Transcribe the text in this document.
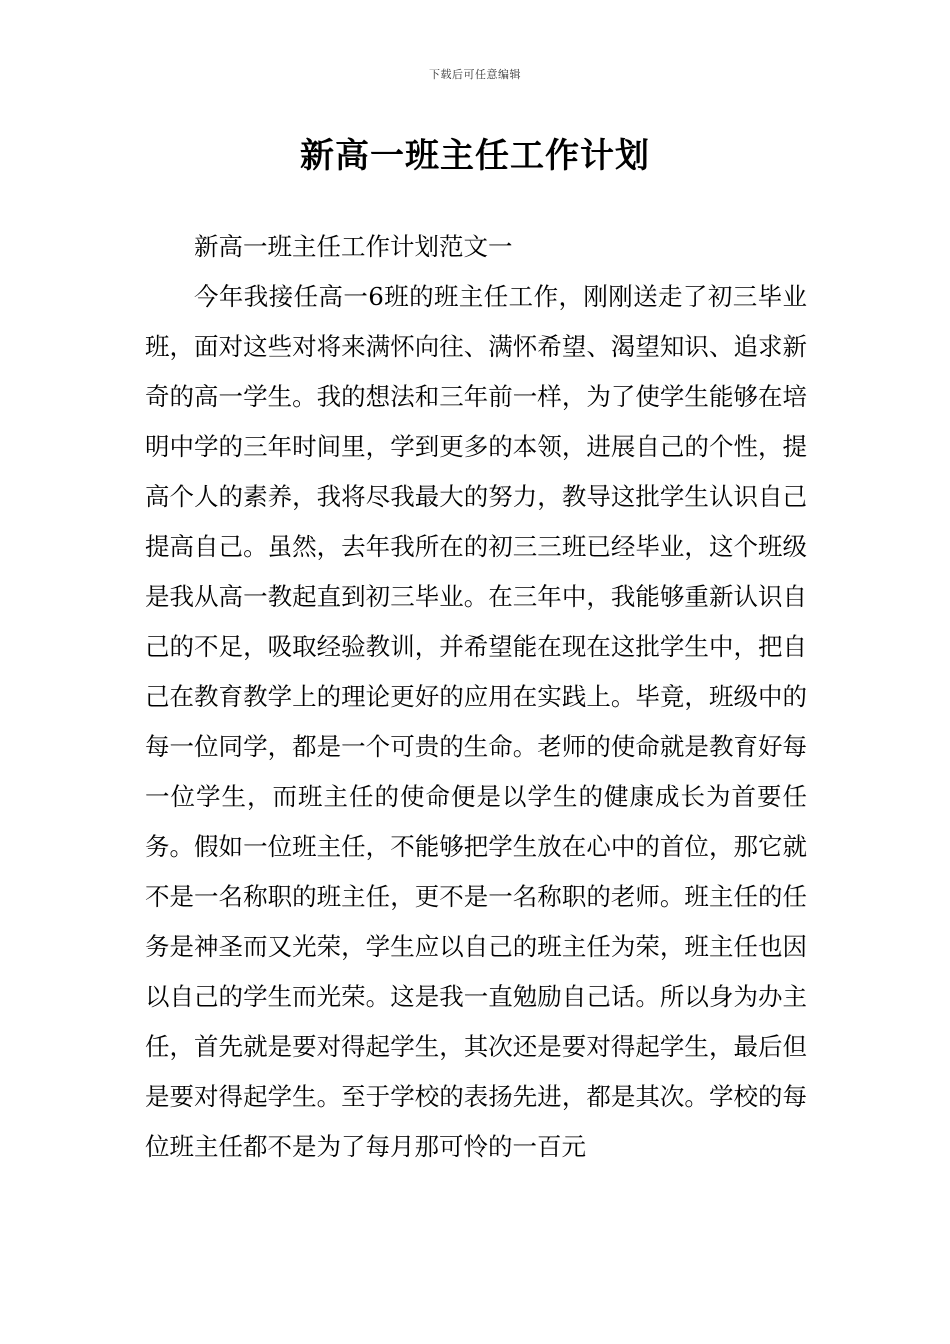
下载后可任意编辑
新高一班主任工作计划

新高一班主任工作计划范文一

今年我接任高一6班的班主任工作，刚刚送走了初三毕业班，面对这些对将来满怀向往、满怀希望、渴望知识、追求新奇的高一学生。我的想法和三年前一样，为了使学生能够在培明中学的三年时间里，学到更多的本领，进展自己的个性，提高个人的素养，我将尽我最大的努力，教导这批学生认识自己提高自己。虽然，去年我所在的初三三班已经毕业，这个班级是我从高一教起直到初三毕业。在三年中，我能够重新认识自己的不足，吸取经验教训，并希望能在现在这批学生中，把自己在教育教学上的理论更好的应用在实践上。毕竟，班级中的每一位同学，都是一个可贵的生命。老师的使命就是教育好每一位学生，而班主任的使命便是以学生的健康成长为首要任务。假如一位班主任，不能够把学生放在心中的首位，那它就不是一名称职的班主任，更不是一名称职的老师。班主任的任务是神圣而又光荣，学生应以自己的班主任为荣，班主任也因以自己的学生而光荣。这是我一直勉励自己话。所以身为办主任，首先就是要对得起学生，其次还是要对得起学生，最后但是要对得起学生。至于学校的表扬先进，都是其次。学校的每位班主任都不是为了每月那可怜的一百元
